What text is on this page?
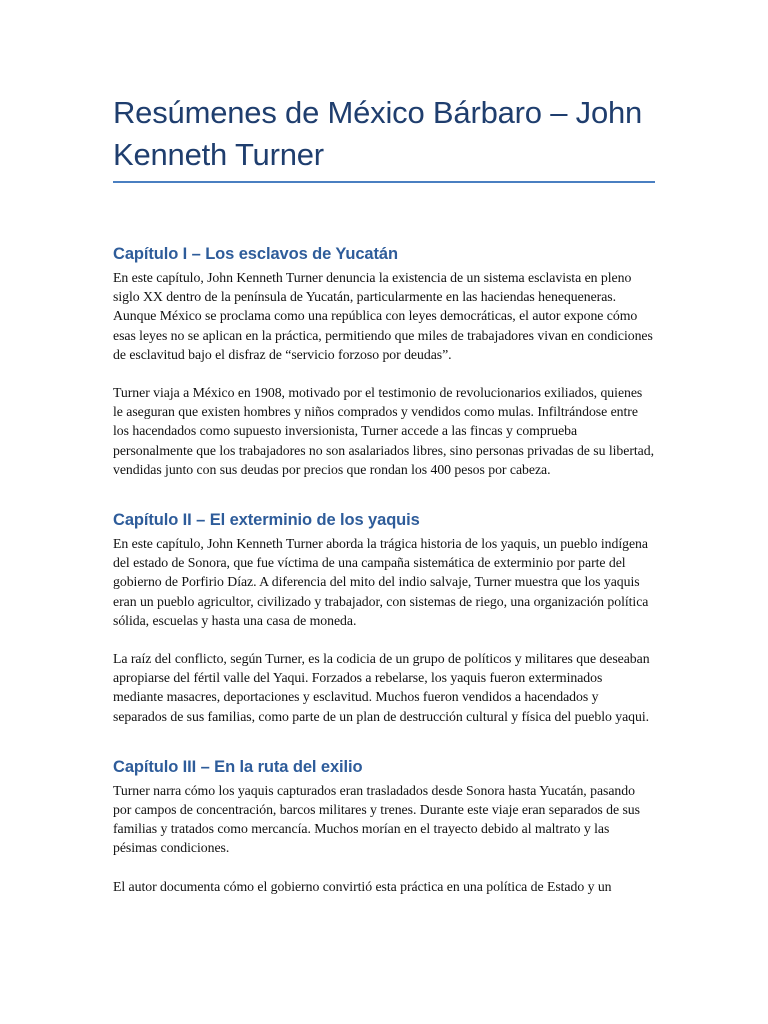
Resúmenes de México Bárbaro – John Kenneth Turner
Capítulo I – Los esclavos de Yucatán

En este capítulo, John Kenneth Turner denuncia la existencia de un sistema esclavista en pleno siglo XX dentro de la península de Yucatán, particularmente en las haciendas henequeneras. Aunque México se proclama como una república con leyes democráticas, el autor expone cómo esas leyes no se aplican en la práctica, permitiendo que miles de trabajadores vivan en condiciones de esclavitud bajo el disfraz de “servicio forzoso por deudas”.

Turner viaja a México en 1908, motivado por el testimonio de revolucionarios exiliados, quienes le aseguran que existen hombres y niños comprados y vendidos como mulas. Infiltrándose entre los hacendados como supuesto inversionista, Turner accede a las fincas y comprueba personalmente que los trabajadores no son asalariados libres, sino personas privadas de su libertad, vendidas junto con sus deudas por precios que rondan los 400 pesos por cabeza.

Capítulo II – El exterminio de los yaquis

En este capítulo, John Kenneth Turner aborda la trágica historia de los yaquis, un pueblo indígena del estado de Sonora, que fue víctima de una campaña sistemática de exterminio por parte del gobierno de Porfirio Díaz. A diferencia del mito del indio salvaje, Turner muestra que los yaquis eran un pueblo agricultor, civilizado y trabajador, con sistemas de riego, una organización política sólida, escuelas y hasta una casa de moneda.

La raíz del conflicto, según Turner, es la codicia de un grupo de políticos y militares que deseaban apropiarse del fértil valle del Yaqui. Forzados a rebelarse, los yaquis fueron exterminados mediante masacres, deportaciones y esclavitud. Muchos fueron vendidos a hacendados y separados de sus familias, como parte de un plan de destrucción cultural y física del pueblo yaqui.

Capítulo III – En la ruta del exilio

Turner narra cómo los yaquis capturados eran trasladados desde Sonora hasta Yucatán, pasando por campos de concentración, barcos militares y trenes. Durante este viaje eran separados de sus familias y tratados como mercancía. Muchos morían en el trayecto debido al maltrato y las pésimas condiciones.

El autor documenta cómo el gobierno convirtió esta práctica en una política de Estado y un
